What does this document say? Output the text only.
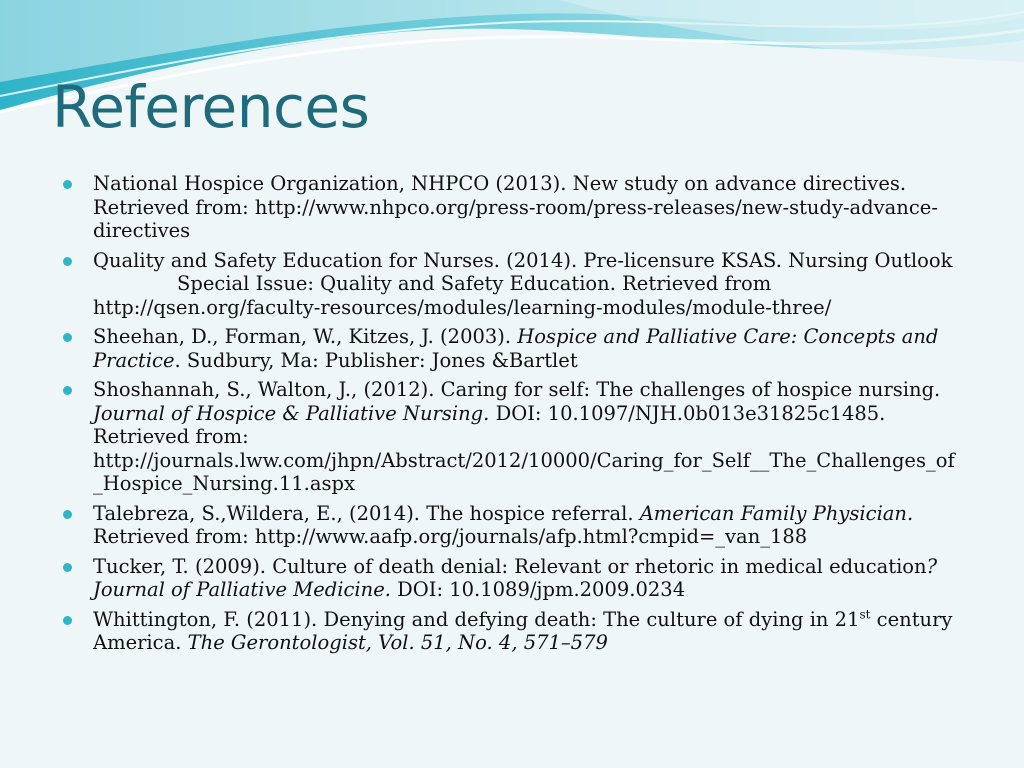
References
National Hospice Organization, NHPCO (2013). New study on advance directives. Retrieved from: http://www.nhpco.org/press-room/press-releases/new-study-advance-directives
Quality and Safety Education for Nurses. (2014). Pre-licensure KSAS. Nursing OutlookSpecial Issue: Quality and Safety Education. Retrieved from http://qsen.org/faculty-resources/modules/learning-modules/module-three/
Sheehan, D., Forman, W., Kitzes, J. (2003). Hospice and Palliative Care: Concepts and Practice. Sudbury, Ma: Publisher: Jones &Bartlet
Shoshannah, S., Walton, J., (2012). Caring for self: The challenges of hospice nursing. Journal of Hospice & Palliative Nursing. DOI: 10.1097/NJH.0b013e31825c1485. Retrieved from: http://journals.lww.com/jhpn/Abstract/2012/10000/Caring_for_Self__The_Challenges_of_Hospice_Nursing.11.aspx
Talebreza, S.,Wildera, E., (2014). The hospice referral. American Family Physician. Retrieved from: http://www.aafp.org/journals/afp.html?cmpid=_van_188
Tucker, T. (2009). Culture of death denial: Relevant or rhetoric in medical education? Journal of Palliative Medicine. DOI: 10.1089/jpm.2009.0234
Whittington, F. (2011). Denying and defying death: The culture of dying in 21st century America. The Gerontologist, Vol. 51, No. 4, 571–579
